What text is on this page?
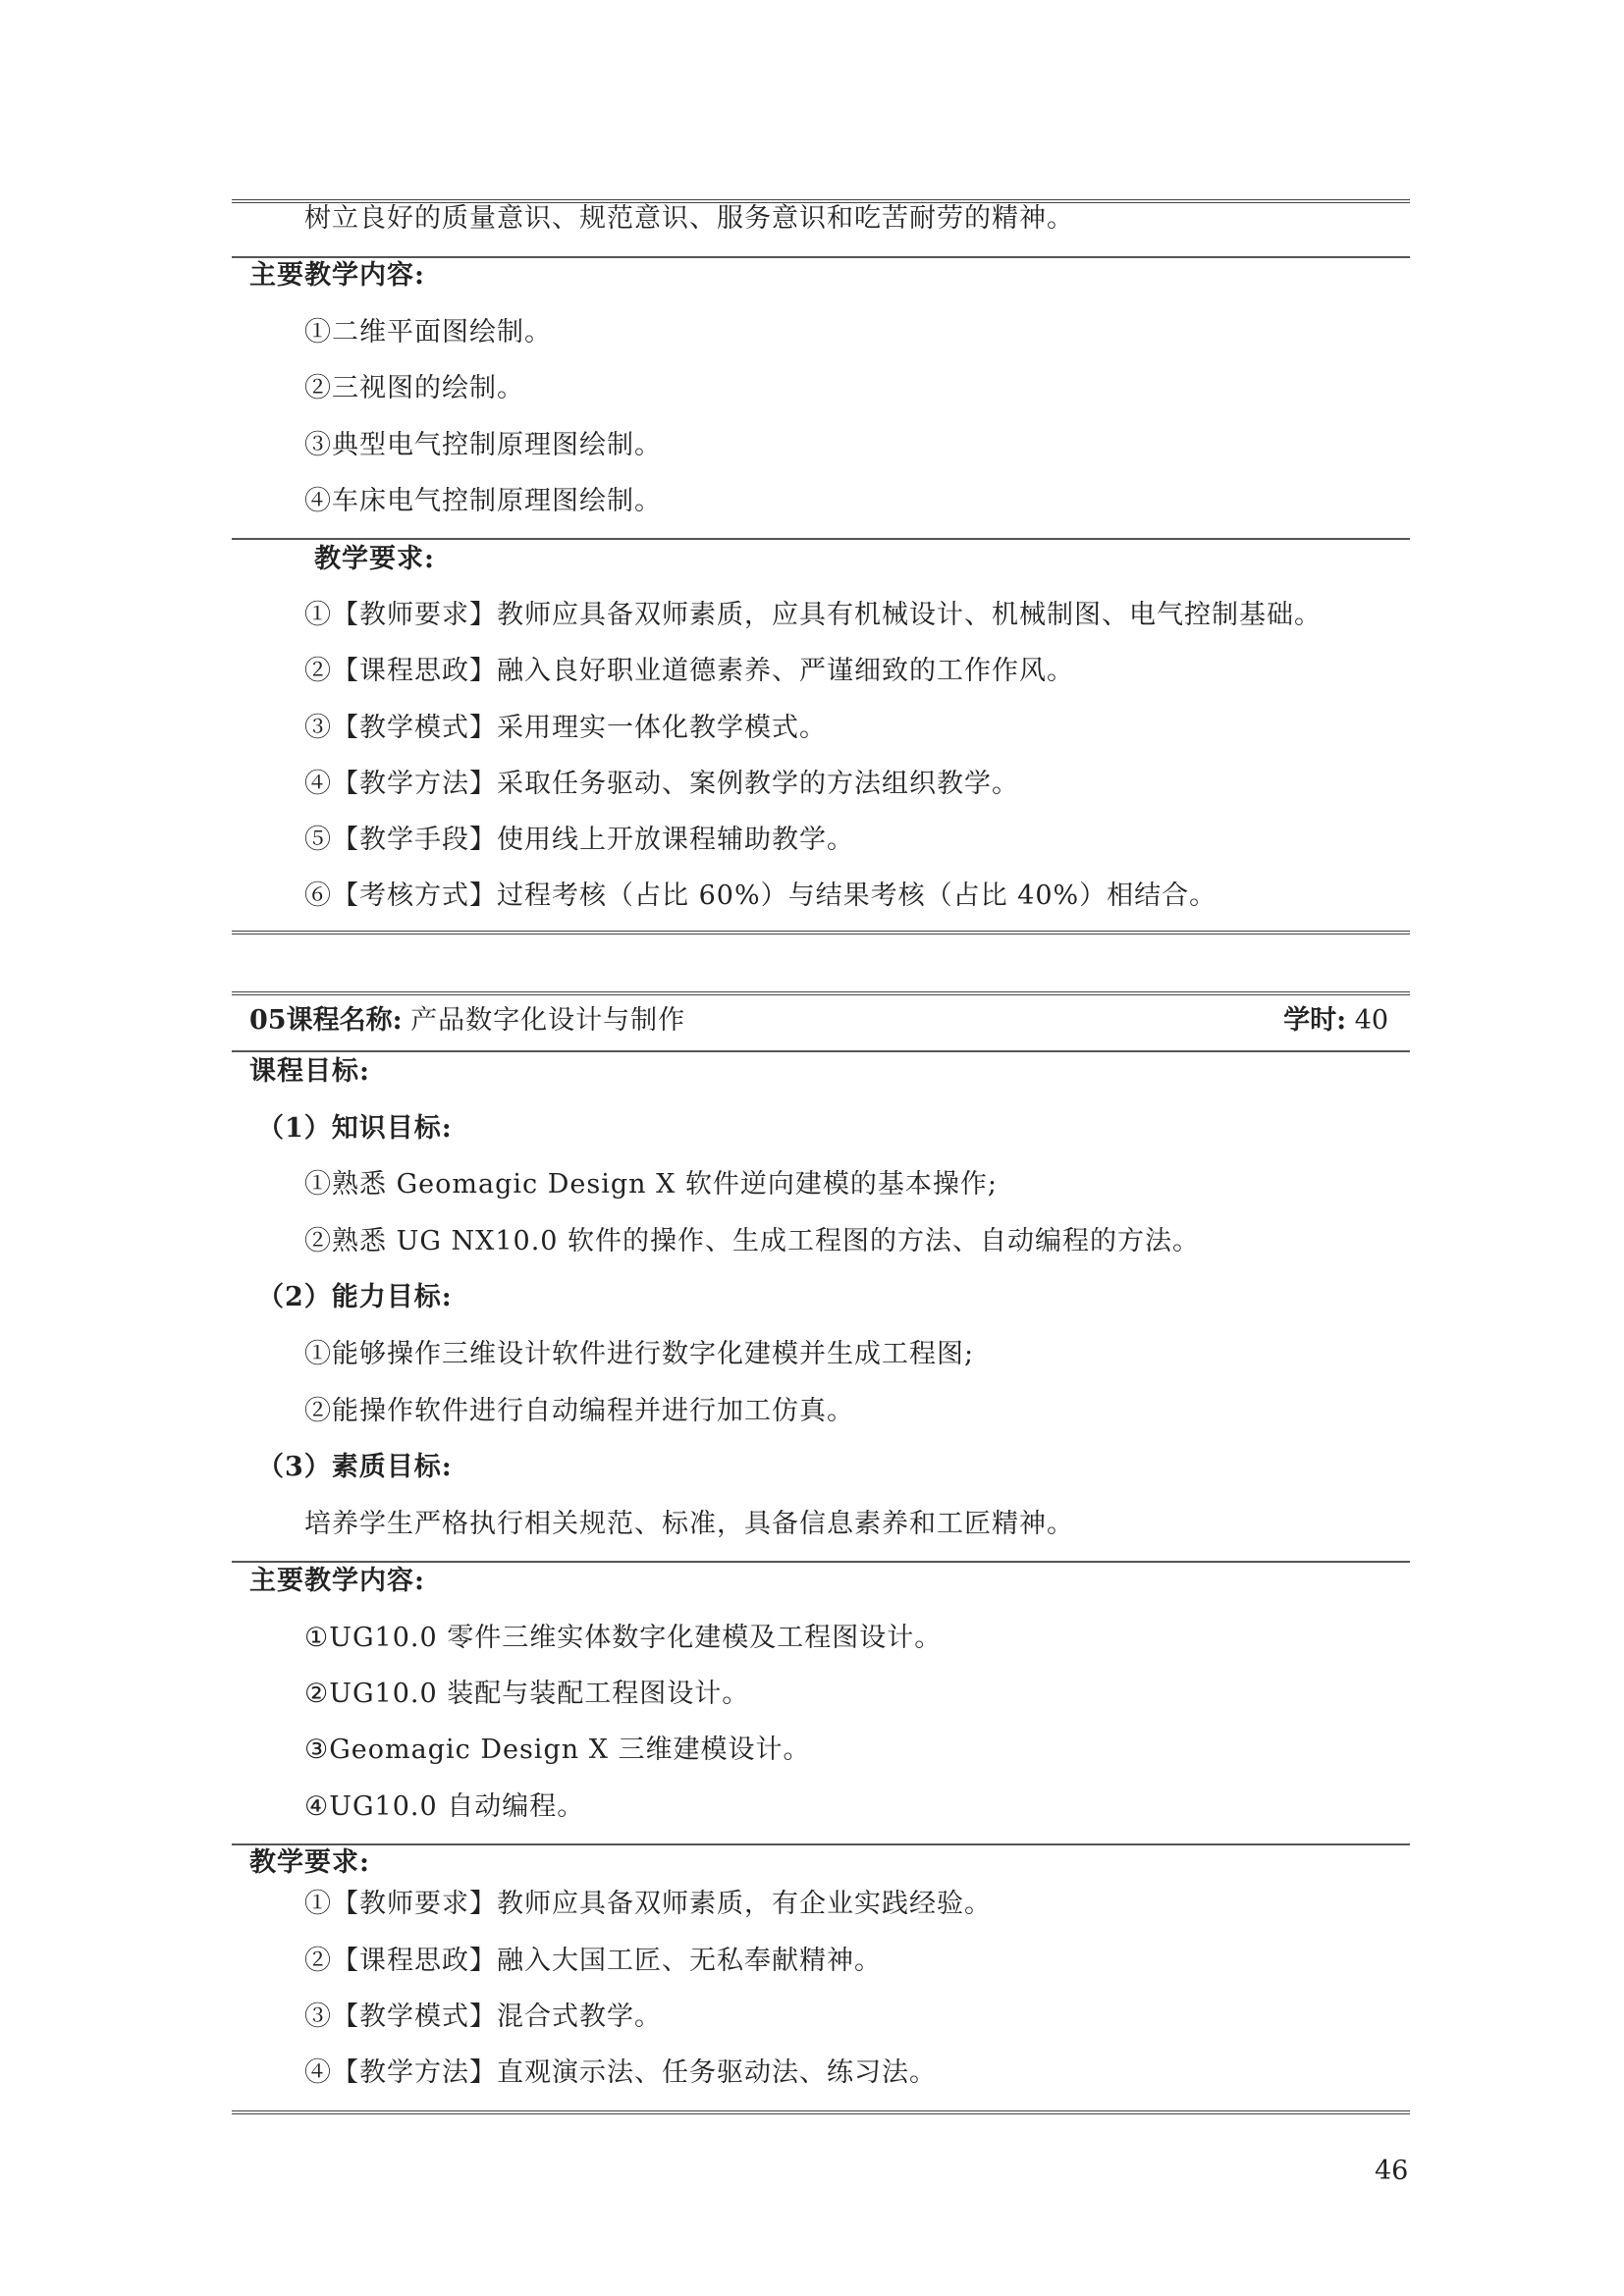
树立良好的质量意识、规范意识、服务意识和吃苦耐劳的精神。
主要教学内容:
①二维平面图绘制。
②三视图的绘制。
③典型电气控制原理图绘制。
④车床电气控制原理图绘制。
教学要求:
①【教师要求】教师应具备双师素质，应具有机械设计、机械制图、电气控制基础。
②【课程思政】融入良好职业道德素养、严谨细致的工作作风。
③【教学模式】采用理实一体化教学模式。
④【教学方法】采取任务驱动、案例教学的方法组织教学。
⑤【教学手段】使用线上开放课程辅助教学。
⑥【考核方式】过程考核（占比 60%）与结果考核（占比 40%）相结合。
05课程名称: 产品数字化设计与制作	学时: 40
课程目标:
（1）知识目标:
①熟悉 Geomagic Design X 软件逆向建模的基本操作;
②熟悉 UG NX10.0 软件的操作、生成工程图的方法、自动编程的方法。
（2）能力目标:
①能够操作三维设计软件进行数字化建模并生成工程图;
②能操作软件进行自动编程并进行加工仿真。
（3）素质目标:
培养学生严格执行相关规范、标准，具备信息素养和工匠精神。
主要教学内容:
①UG10.0 零件三维实体数字化建模及工程图设计。
②UG10.0 装配与装配工程图设计。
③Geomagic Design X 三维建模设计。
④UG10.0 自动编程。
教学要求:
①【教师要求】教师应具备双师素质，有企业实践经验。
②【课程思政】融入大国工匠、无私奉献精神。
③【教学模式】混合式教学。
④【教学方法】直观演示法、任务驱动法、练习法。
46
